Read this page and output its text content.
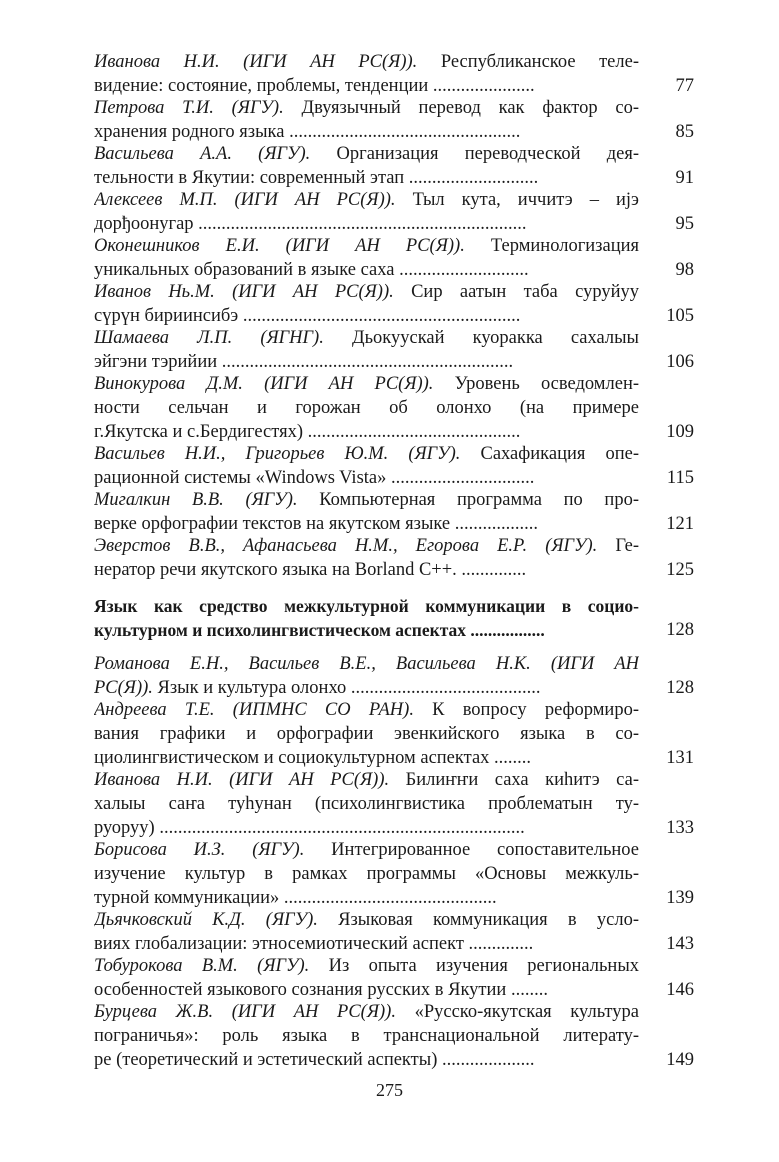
Иванова Н.И. (ИГИ АН РС(Я)). Республиканское теле-
видение: состояние, проблемы, тенденции ......................	77
Петрова Т.И. (ЯГУ). Двуязычный перевод как фактор со-
хранения родного языка ..................................................	85
Васильева А.А. (ЯГУ). Организация переводческой дея-
тельности в Якутии: современный этап ............................	91
Алексеев М.П. (ИГИ АН РС(Я)). Тыл кута, иччитэ – иjэ
дорђоонугар .......................................................................	95
Оконешников Е.И. (ИГИ АН РС(Я)). Терминологизация
уникальных образований в языке саха ............................	98
Иванов Нь.М. (ИГИ АН РС(Я)). Сир аатын таба суруйуу
сүрүн бириинсибэ ............................................................	105
Шамаева Л.П. (ЯГНГ). Дьокуускай куоракка сахалыы
эйгэни тэрийии ...............................................................	106
Винокурова Д.М. (ИГИ АН РС(Я)). Уровень осведомлен-
ности сельчан и горожан об олонхо (на примере
г.Якутска и с.Бердигестях) ..............................................	109
Васильев Н.И., Григорьев Ю.М. (ЯГУ). Сахафикация опе-
рационной системы «Windows Vista» ...............................	115
Мигалкин В.В. (ЯГУ). Компьютерная программа по про-
верке орфографии текстов на якутском языке ..................	121
Эверстов В.В., Афанасьева Н.М., Егорова Е.Р. (ЯГУ). Ге-
нератор речи якутского языка на Borland C++. ..............	125
Язык как средство межкультурной коммуникации в социо-
культурном и психолингвистическом аспектах .................	128
Романова Е.Н., Васильев В.Е., Васильева Н.К. (ИГИ АН
РС(Я)). Язык и культура олонхо .........................................	128
Андреева Т.Е. (ИПМНС СО РАН). К вопросу реформиро-
вания графики и орфографии эвенкийского языка в со-
циолингвистическом и социокультурном аспектах ........	131
Иванова Н.И. (ИГИ АН РС(Я)). Билиҥҥи саха киһитэ са-
халыы саҥа туһунан (психолингвистика проблематын ту-
руоруу) ...............................................................................	133
Борисова И.З. (ЯГУ). Интегрированное сопоставительное
изучение культур в рамках программы «Основы межкуль-
турной коммуникации» ..............................................	139
Дьячковский К.Д. (ЯГУ). Языковая коммуникация в усло-
виях глобализации: этносемиотический аспект ..............	143
Тобурокова В.М. (ЯГУ). Из опыта изучения региональных
особенностей языкового сознания русских в Якутии ........	146
Бурцева Ж.В. (ИГИ АН РС(Я)). «Русско-якутская культура
пограничья»: роль языка в транснациональной литерату-
ре (теоретический и эстетический аспекты) ....................	149
275
